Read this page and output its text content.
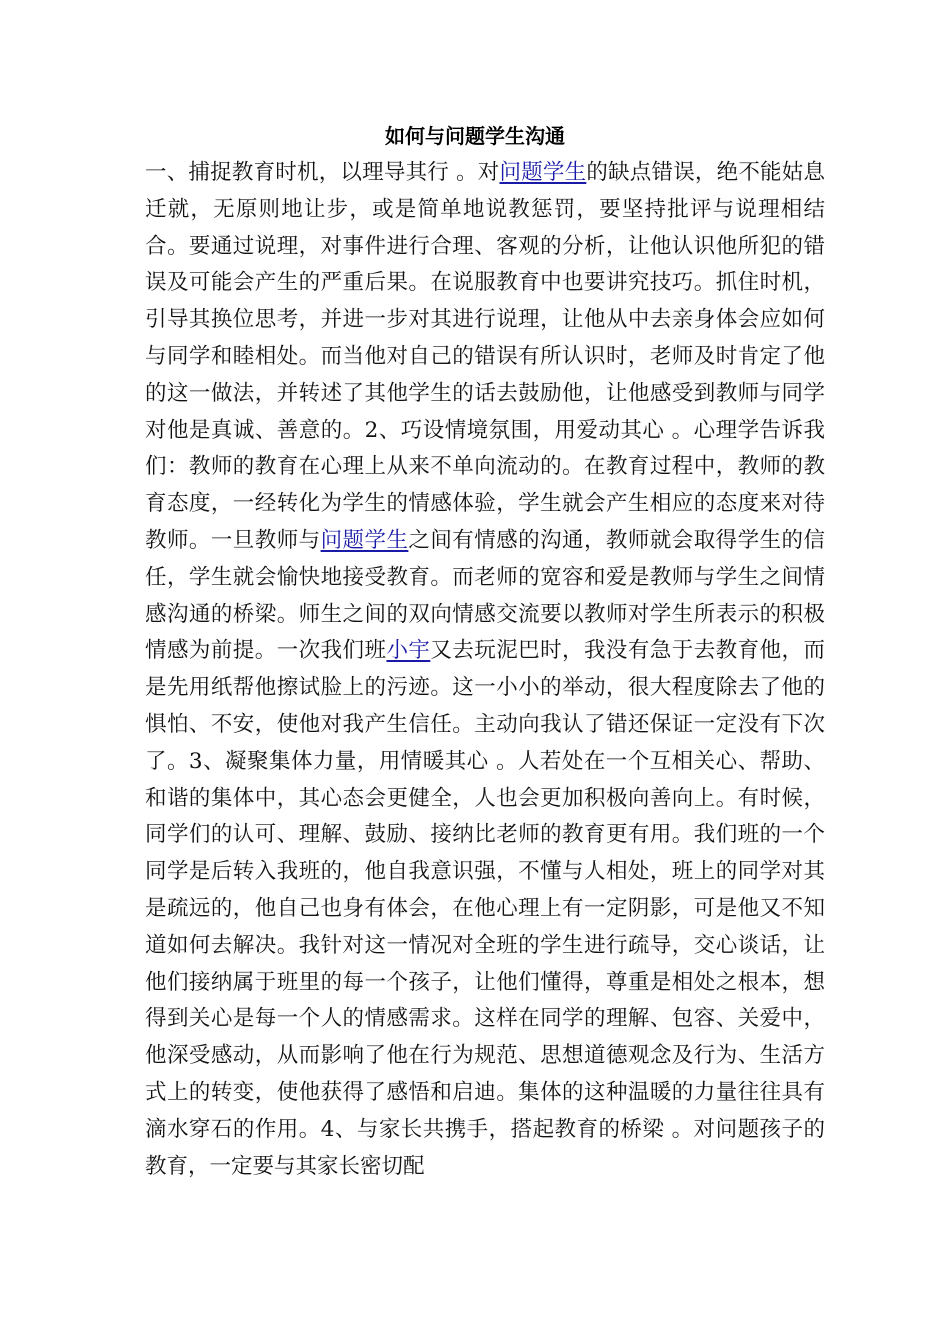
如何与问题学生沟通

一、捕捉教育时机，以理导其行 。对问题学生的缺点错误，绝不能姑息迁就，无原则地让步，或是简单地说教惩罚，要坚持批评与说理相结合。要通过说理，对事件进行合理、客观的分析，让他认识他所犯的错误及可能会产生的严重后果。在说服教育中也要讲究技巧。抓住时机，引导其换位思考，并进一步对其进行说理，让他从中去亲身体会应如何与同学和睦相处。而当他对自己的错误有所认识时，老师及时肯定了他的这一做法，并转述了其他学生的话去鼓励他，让他感受到教师与同学对他是真诚、善意的。2、巧设情境氛围，用爱动其心 。心理学告诉我们：教师的教育在心理上从来不单向流动的。在教育过程中，教师的教育态度，一经转化为学生的情感体验，学生就会产生相应的态度来对待教师。一旦教师与问题学生之间有情感的沟通，教师就会取得学生的信任，学生就会愉快地接受教育。而老师的宽容和爱是教师与学生之间情感沟通的桥梁。师生之间的双向情感交流要以教师对学生所表示的积极情感为前提。一次我们班小宇又去玩泥巴时，我没有急于去教育他，而是先用纸帮他擦试脸上的污迹。这一小小的举动，很大程度除去了他的惧怕、不安，使他对我产生信任。主动向我认了错还保证一定没有下次了。3、凝聚集体力量，用情暖其心 。人若处在一个互相关心、帮助、和谐的集体中，其心态会更健全，人也会更加积极向善向上。有时候，同学们的认可、理解、鼓励、接纳比老师的教育更有用。我们班的一个同学是后转入我班的，他自我意识强，不懂与人相处，班上的同学对其是疏远的，他自己也身有体会，在他心理上有一定阴影，可是他又不知道如何去解决。我针对这一情况对全班的学生进行疏导，交心谈话，让他们接纳属于班里的每一个孩子，让他们懂得，尊重是相处之根本，想得到关心是每一个人的情感需求。这样在同学的理解、包容、关爱中，他深受感动，从而影响了他在行为规范、思想道德观念及行为、生活方式上的转变，使他获得了感悟和启迪。集体的这种温暖的力量往往具有滴水穿石的作用。4、与家长共携手，搭起教育的桥梁 。对问题孩子的教育，一定要与其家长密切配
